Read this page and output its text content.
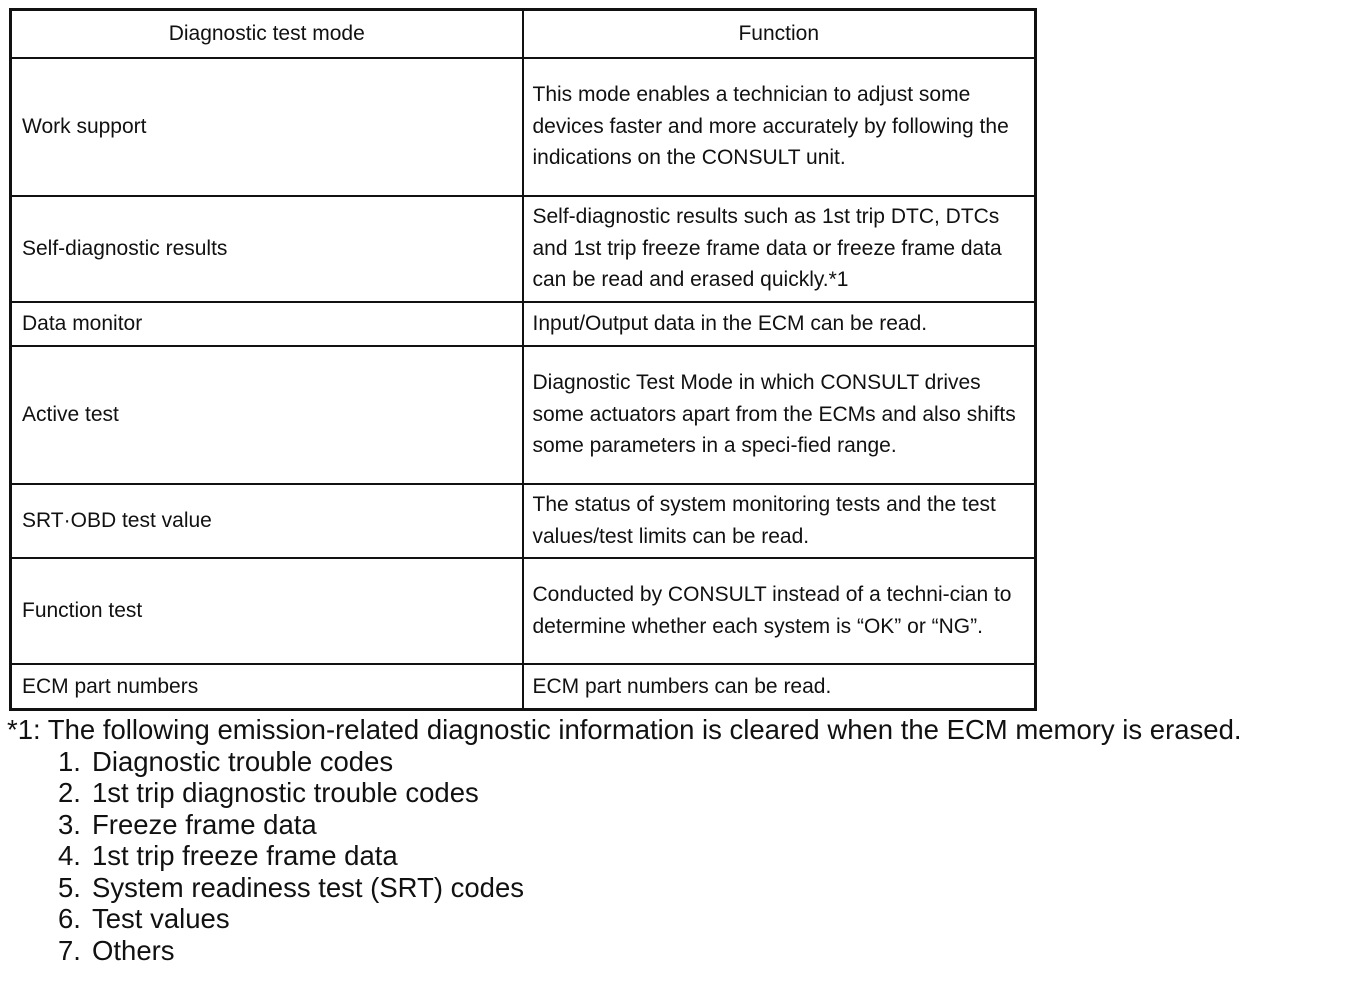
Diagnostic test mode	Function
Work support	This mode enables a technician to adjust some devices faster and more accurately by following the indications on the CONSULT unit.
Self-diagnostic results	Self-diagnostic results such as 1st trip DTC, DTCs and 1st trip freeze frame data or freeze frame data can be read and erased quickly.*1
Data monitor	Input/Output data in the ECM can be read.
Active test	Diagnostic Test Mode in which CONSULT drives some actuators apart from the ECMs and also shifts some parameters in a speci-fied range.
SRT·OBD test value	The status of system monitoring tests and the test values/test limits can be read.
Function test	Conducted by CONSULT instead of a techni-cian to determine whether each system is “OK” or “NG”.
ECM part numbers	ECM part numbers can be read.
*1: The following emission-related diagnostic information is cleared when the ECM memory is erased.
1. Diagnostic trouble codes
2. 1st trip diagnostic trouble codes
3. Freeze frame data
4. 1st trip freeze frame data
5. System readiness test (SRT) codes
6. Test values
7. Others
